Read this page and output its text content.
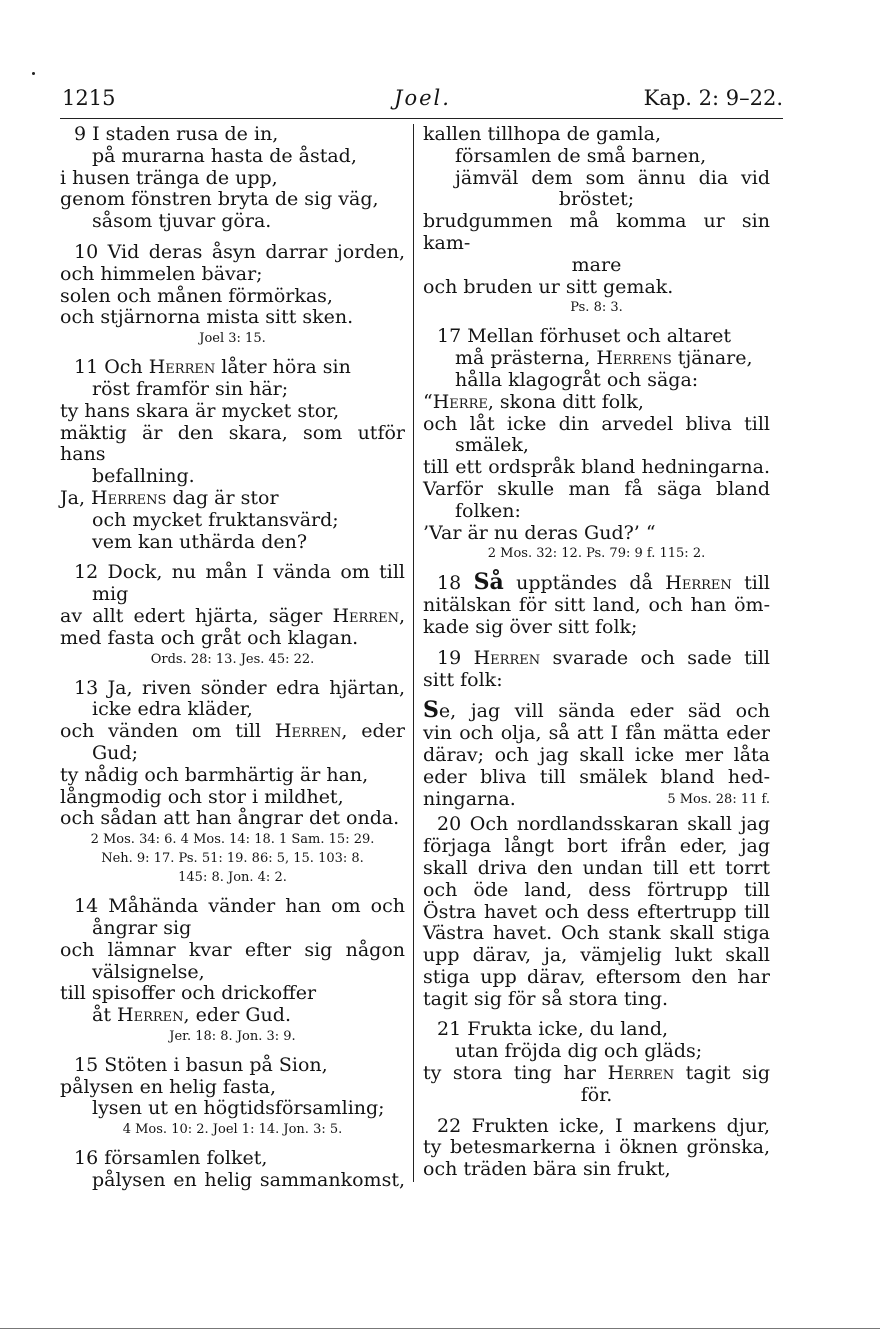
1215	Joel.	Kap. 2: 9–22.
9 I staden rusa de in,
på murarna hasta de åstad,
i husen tränga de upp,
genom fönstren bryta de sig väg,
såsom tjuvar göra.
10 Vid deras åsyn darrar jorden,
och himmelen bävar;
solen och månen förmörkas,
och stjärnorna mista sitt sken.
Joel 3: 15.
11 Och Herren låter höra sin
röst framför sin här;
ty hans skara är mycket stor,
mäktig är den skara, som utför hans
befallning.
Ja, Herrens dag är stor
och mycket fruktansvärd;
vem kan uthärda den?
12 Dock, nu mån I vända om till
mig
av allt edert hjärta, säger Herren,
med fasta och gråt och klagan.
Ords. 28: 13. Jes. 45: 22.
13 Ja, riven sönder edra hjärtan,
icke edra kläder,
och vänden om till Herren, eder
Gud;
ty nådig och barmhärtig är han,
långmodig och stor i mildhet,
och sådan att han ångrar det onda.
2 Mos. 34: 6. 4 Mos. 14: 18. 1 Sam. 15: 29.
Neh. 9: 17. Ps. 51: 19. 86: 5, 15. 103: 8.
145: 8. Jon. 4: 2.
14 Måhända vänder han om och
ångrar sig
och lämnar kvar efter sig någon
välsignelse,
till spisoffer och drickoffer
åt Herren, eder Gud.
Jer. 18: 8. Jon. 3: 9.
15 Stöten i basun på Sion,
pålysen en helig fasta,
lysen ut en högtidsförsamling;
4 Mos. 10: 2. Joel 1: 14. Jon. 3: 5.
16 församlen folket,
pålysen en helig sammankomst,
kallen tillhopa de gamla,
församlen de små barnen,
jämväl dem som ännu dia vid
bröstet;
brudgummen må komma ur sin kam-
mare
och bruden ur sitt gemak.
Ps. 8: 3.
17 Mellan förhuset och altaret
må prästerna, Herrens tjänare,
hålla klagogråt och säga:
“Herre, skona ditt folk,
och låt icke din arvedel bliva till
smälek,
till ett ordspråk bland hedningarna.
Varför skulle man få säga bland
folken:
’Var är nu deras Gud?’ “
2 Mos. 32: 12. Ps. 79: 9 f. 115: 2.
18 Så upptändes då Herren till
nitälskan för sitt land, och han öm-
kade sig över sitt folk;
19 Herren svarade och sade till
sitt folk:
Se, jag vill sända eder säd och
vin och olja, så att I fån mätta eder
därav; och jag skall icke mer låta
eder bliva till smälek bland hed-
ningarna.	5 Mos. 28: 11 f.
20 Och nordlandsskaran skall jag
förjaga långt bort ifrån eder, jag
skall driva den undan till ett torrt
och öde land, dess förtrupp till
Östra havet och dess eftertrupp till
Västra havet. Och stank skall stiga
upp därav, ja, vämjelig lukt skall
stiga upp därav, eftersom den har
tagit sig för så stora ting.
21 Frukta icke, du land,
utan fröjda dig och gläds;
ty stora ting har Herren tagit sig
för.
22 Frukten icke, I markens djur,
ty betesmarkerna i öknen grönska,
och träden bära sin frukt,
